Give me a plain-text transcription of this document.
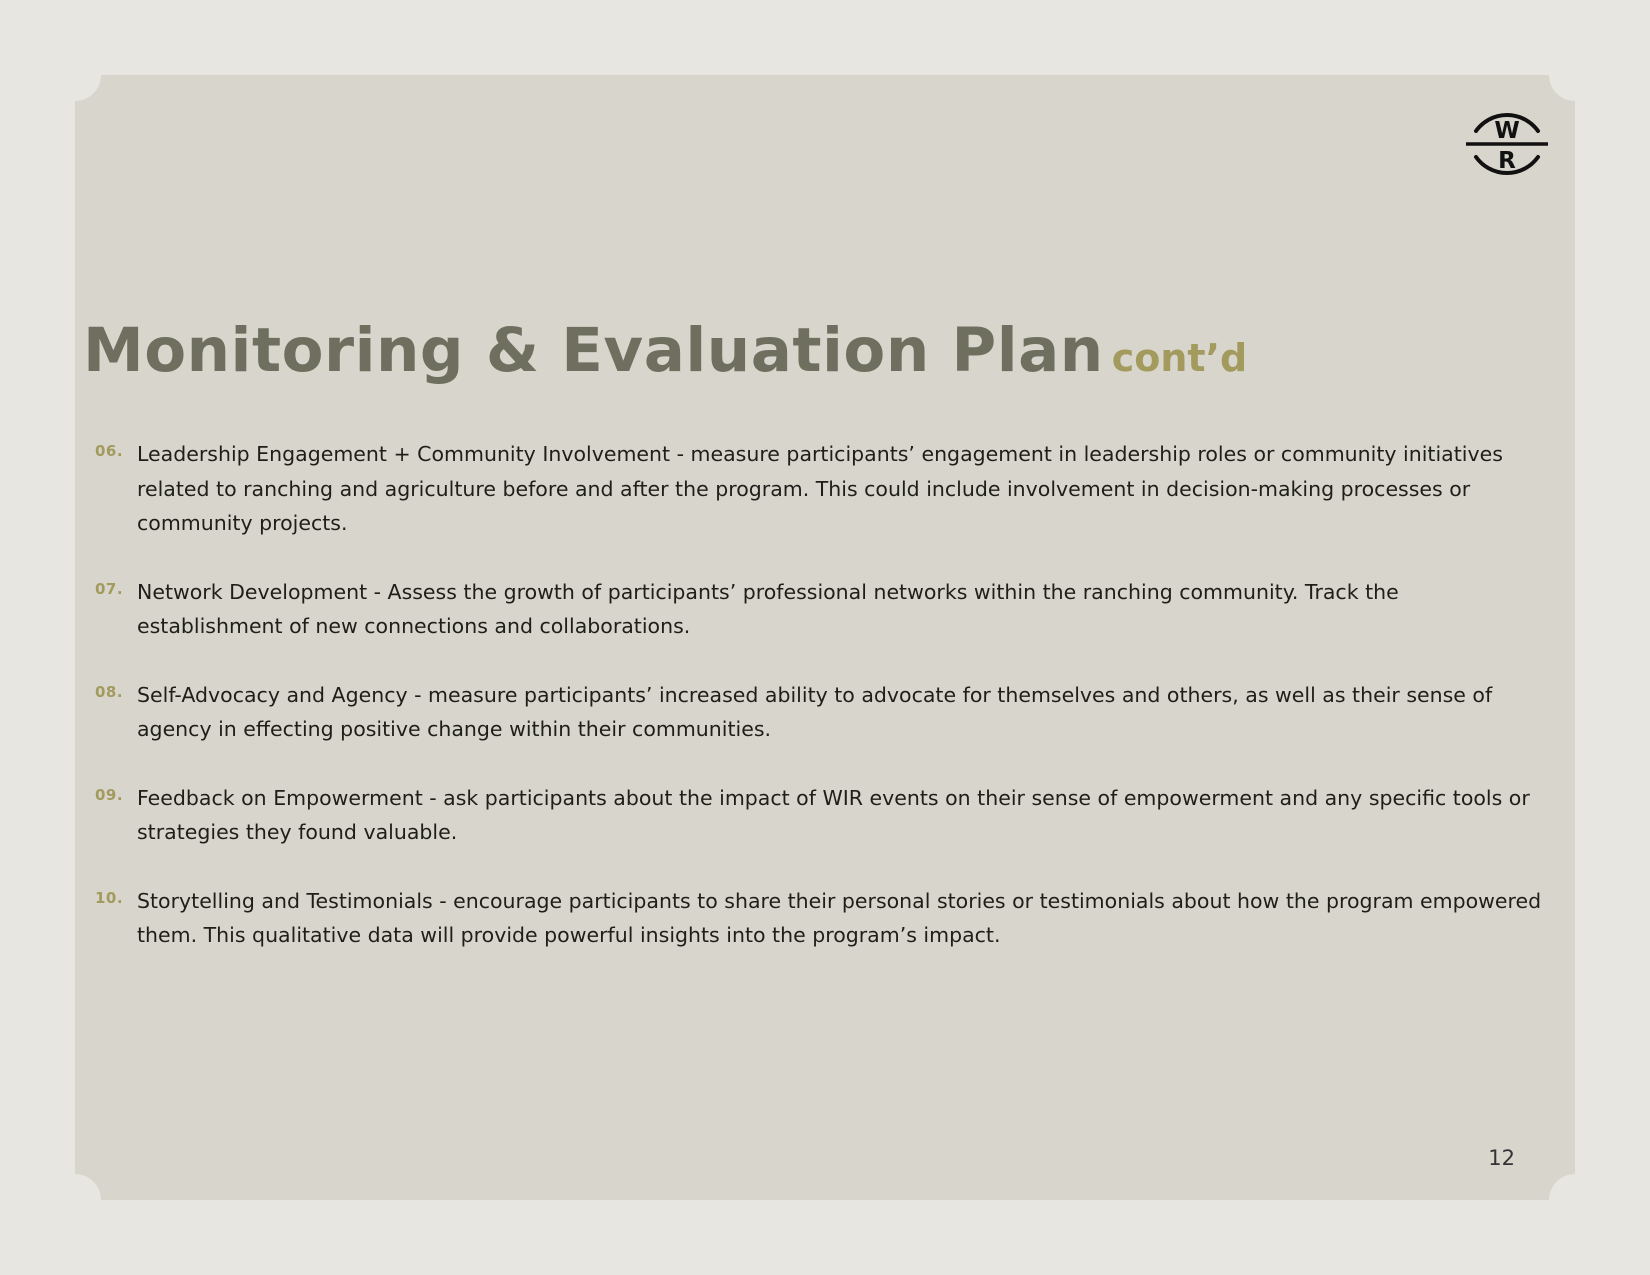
W
R
Monitoring & Evaluation Plan cont’d
06. Leadership Engagement + Community Involvement - measure participants’ engagement in leadership roles or community initiatives related to ranching and agriculture before and after the program. This could include involvement in decision-making processes or community projects.
07. Network Development - Assess the growth of participants’ professional networks within the ranching community. Track the establishment of new connections and collaborations.
08. Self-Advocacy and Agency - measure participants’ increased ability to advocate for themselves and others, as well as their sense of agency in effecting positive change within their communities.
09. Feedback on Empowerment - ask participants about the impact of WIR events on their sense of empowerment and any specific tools or strategies they found valuable.
10. Storytelling and Testimonials - encourage participants to share their personal stories or testimonials about how the program empowered them. This qualitative data will provide powerful insights into the program’s impact.
12
